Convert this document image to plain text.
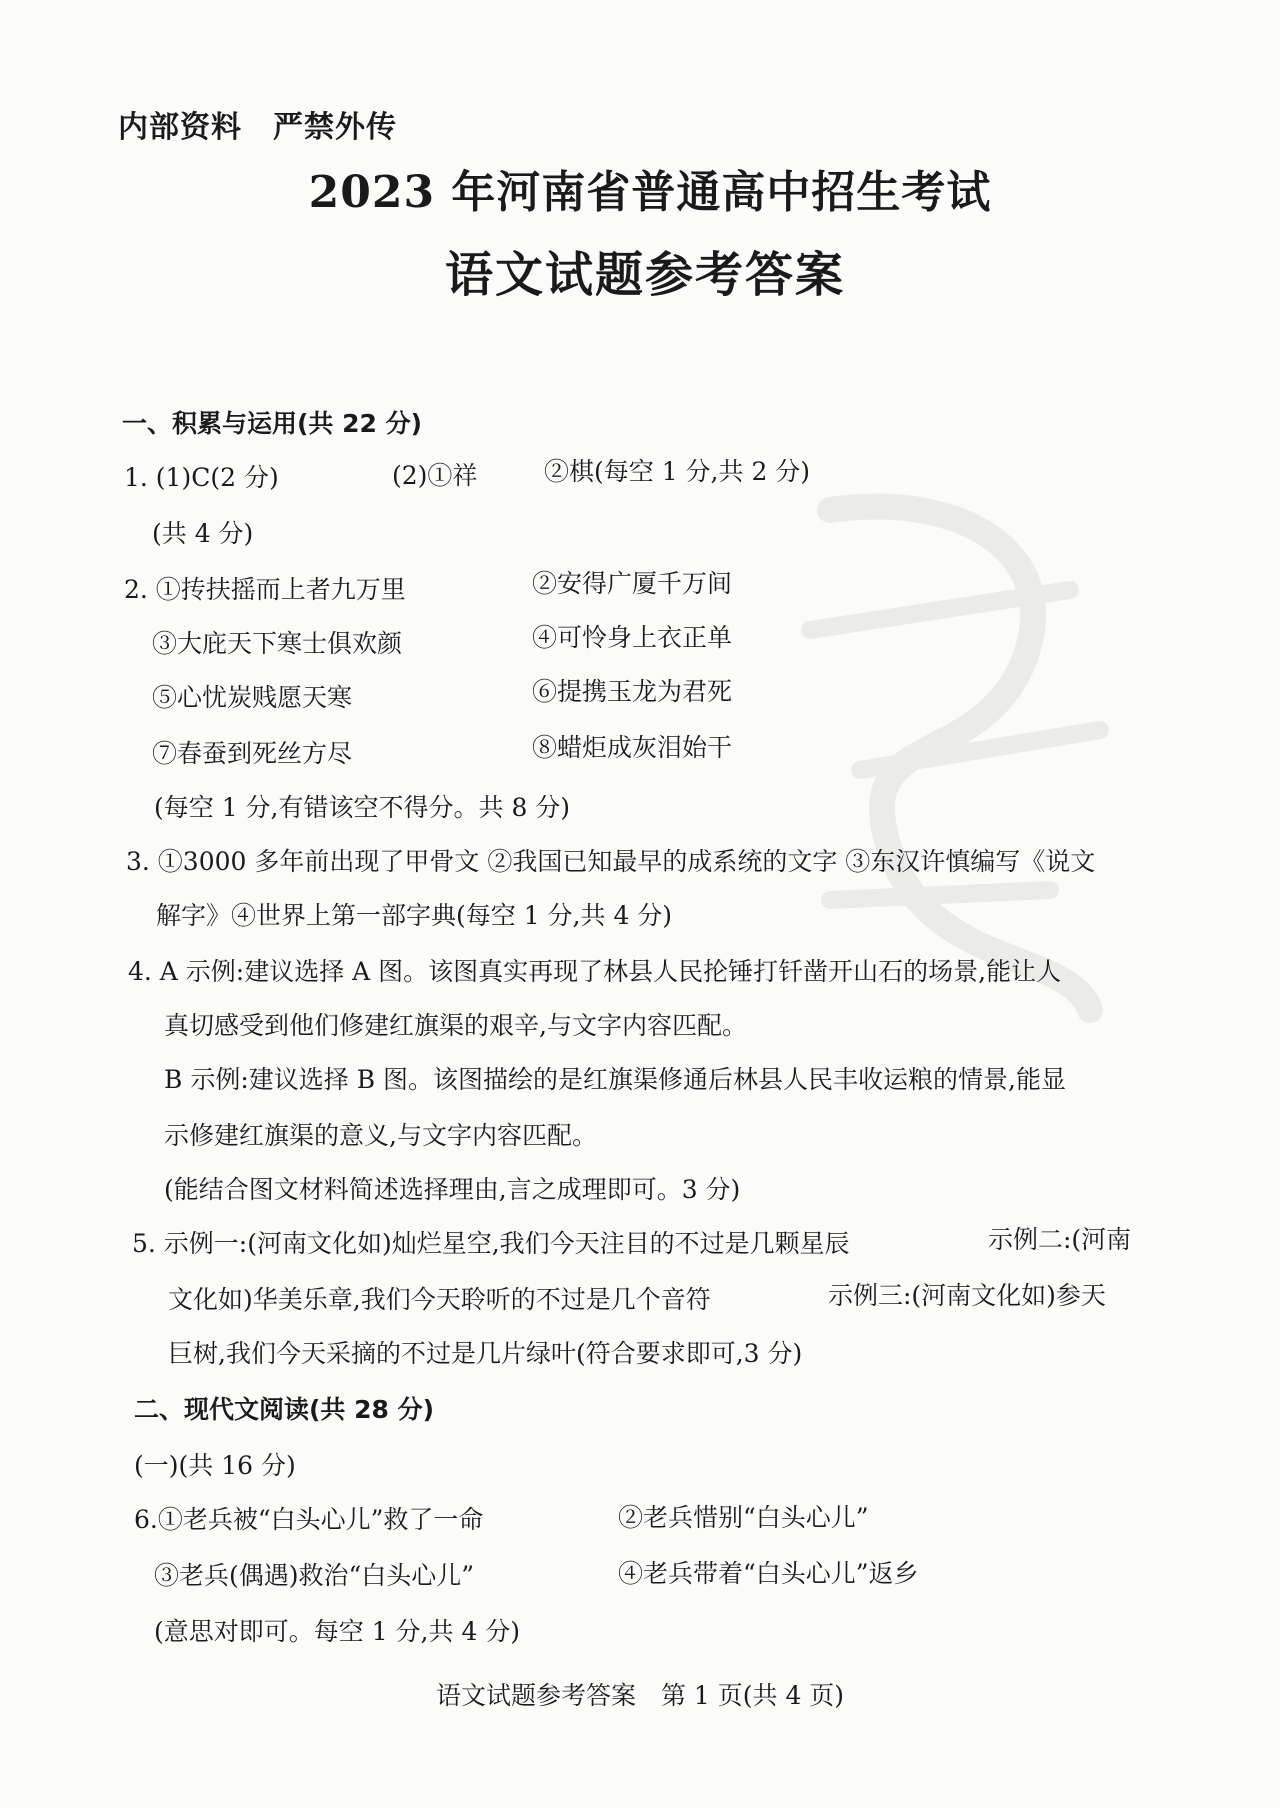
内部资料　严禁外传
2023 年河南省普通高中招生考试
语文试题参考答案
一、积累与运用(共 22 分)
1. (1)C(2 分)	(2)①祥	②棋(每空 1 分,共 2 分)
(共 4 分)
2. ①抟扶摇而上者九万里	②安得广厦千万间
③大庇天下寒士俱欢颜	④可怜身上衣正单
⑤心忧炭贱愿天寒	⑥提携玉龙为君死
⑦春蚕到死丝方尽	⑧蜡炬成灰泪始干
(每空 1 分,有错该空不得分。共 8 分)
3. ①3000 多年前出现了甲骨文 ②我国已知最早的成系统的文字 ③东汉许慎编写《说文
解字》④世界上第一部字典(每空 1 分,共 4 分)
4. A 示例:建议选择 A 图。该图真实再现了林县人民抡锤打钎凿开山石的场景,能让人
真切感受到他们修建红旗渠的艰辛,与文字内容匹配。
B 示例:建议选择 B 图。该图描绘的是红旗渠修通后林县人民丰收运粮的情景,能显
示修建红旗渠的意义,与文字内容匹配。
(能结合图文材料简述选择理由,言之成理即可。3 分)
5. 示例一:(河南文化如)灿烂星空,我们今天注目的不过是几颗星辰	示例二:(河南
文化如)华美乐章,我们今天聆听的不过是几个音符	示例三:(河南文化如)参天
巨树,我们今天采摘的不过是几片绿叶(符合要求即可,3 分)
二、现代文阅读(共 28 分)
(一)(共 16 分)
6.①老兵被“白头心儿”救了一命	②老兵惜别“白头心儿”
③老兵(偶遇)救治“白头心儿”	④老兵带着“白头心儿”返乡
(意思对即可。每空 1 分,共 4 分)
语文试题参考答案　第 1 页(共 4 页)
